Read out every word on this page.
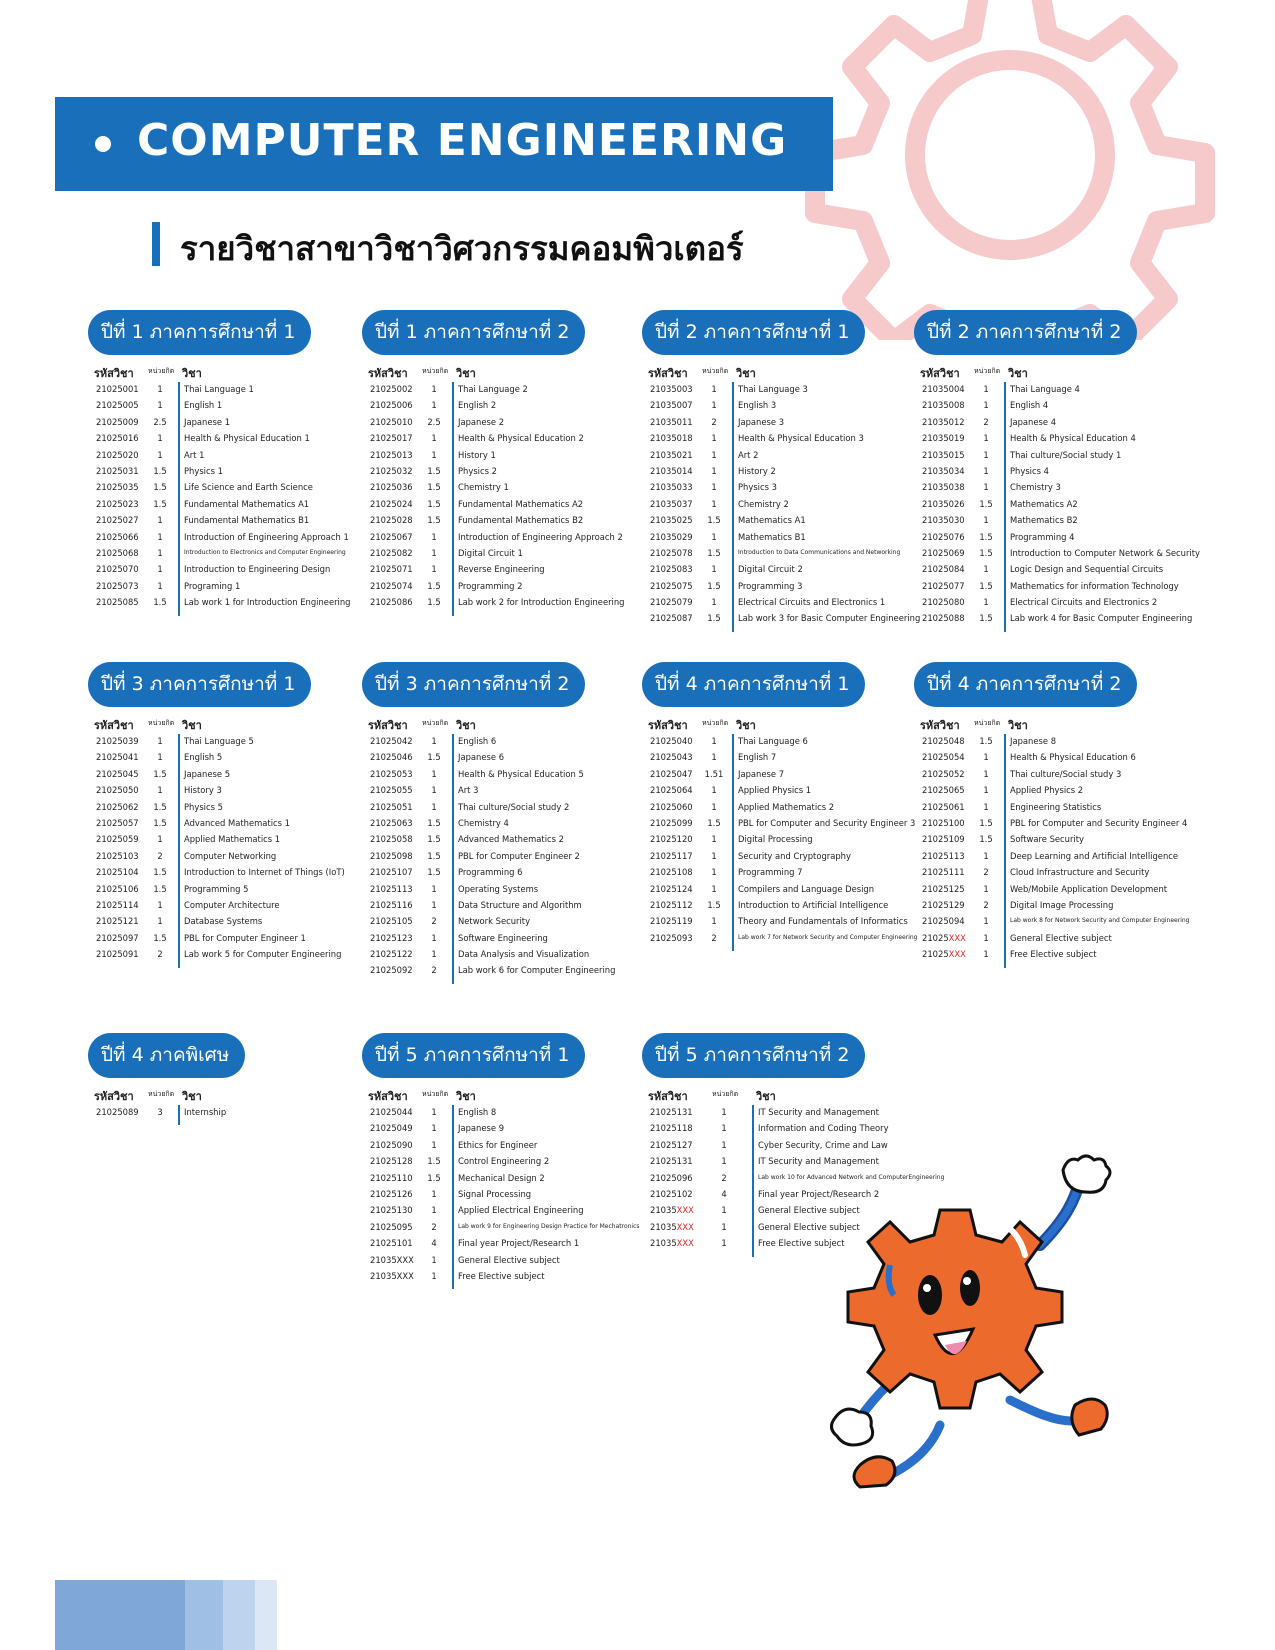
COMPUTER ENGINEERING
รายวิชาสาขาวิชาวิศวกรรมคอมพิวเตอร์
ปีที่ 1 ภาคการศึกษาที่ 1
รหัสวิชา หน่วยกิต วิชา
21025001	1	Thai Language 1
21025005	1	English 1
21025009	2.5	Japanese 1
21025016	1	Health & Physical Education 1
21025020	1	Art 1
21025031	1.5	Physics 1
21025035	1.5	Life Science and Earth Science
21025023	1.5	Fundamental Mathematics A1
21025027	1	Fundamental Mathematics B1
21025066	1	Introduction of Engineering Approach 1
21025068	1	Introduction to Electronics and Computer Engineering
21025070	1	Introduction to Engineering Design
21025073	1	Programing 1
21025085	1.5	Lab work 1 for Introduction Engineering
ปีที่ 1 ภาคการศึกษาที่ 2
รหัสวิชา หน่วยกิต วิชา
21025002	1	Thai Language 2
21025006	1	English 2
21025010	2.5	Japanese 2
21025017	1	Health & Physical Education 2
21025013	1	History 1
21025032	1.5	Physics 2
21025036	1.5	Chemistry 1
21025024	1.5	Fundamental Mathematics A2
21025028	1.5	Fundamental Mathematics B2
21025067	1	Introduction of Engineering Approach 2
21025082	1	Digital Circuit 1
21025071	1	Reverse Engineering
21025074	1.5	Programming 2
21025086	1.5	Lab work 2 for Introduction Engineering
ปีที่ 2 ภาคการศึกษาที่ 1
รหัสวิชา หน่วยกิต วิชา
21035003	1	Thai Language 3
21035007	1	English 3
21035011	2	Japanese 3
21035018	1	Health & Physical Education 3
21035021	1	Art 2
21035014	1	History 2
21035033	1	Physics 3
21035037	1	Chemistry 2
21035025	1.5	Mathematics A1
21035029	1	Mathematics B1
21025078	1.5	Introduction to Data Communications and Networking
21025083	1	Digital Circuit 2
21025075	1.5	Programming 3
21025079	1	Electrical Circuits and Electronics 1
21025087	1.5	Lab work 3 for Basic Computer Engineering
ปีที่ 2 ภาคการศึกษาที่ 2
รหัสวิชา หน่วยกิต วิชา
21035004	1	Thai Language 4
21035008	1	English 4
21035012	2	Japanese 4
21035019	1	Health & Physical Education 4
21035015	1	Thai culture/Social study 1
21035034	1	Physics 4
21035038	1	Chemistry 3
21035026	1.5	Mathematics A2
21035030	1	Mathematics B2
21025076	1.5	Programming 4
21025069	1.5	Introduction to Computer Network & Security
21025084	1	Logic Design and Sequential Circuits
21025077	1.5	Mathematics for information Technology
21025080	1	Electrical Circuits and Electronics 2
21025088	1.5	Lab work 4 for Basic Computer Engineering
ปีที่ 3 ภาคการศึกษาที่ 1
รหัสวิชา หน่วยกิต วิชา
21025039	1	Thai Language 5
21025041	1	English 5
21025045	1.5	Japanese 5
21025050	1	History 3
21025062	1.5	Physics 5
21025057	1.5	Advanced Mathematics 1
21025059	1	Applied Mathematics 1
21025103	2	Computer Networking
21025104	1.5	Introduction to Internet of Things (IoT)
21025106	1.5	Programming 5
21025114	1	Computer Architecture
21025121	1	Database Systems
21025097	1.5	PBL for Computer Engineer 1
21025091	2	Lab work 5 for Computer Engineering
ปีที่ 3 ภาคการศึกษาที่ 2
รหัสวิชา หน่วยกิต วิชา
21025042	1	English 6
21025046	1.5	Japanese 6
21025053	1	Health & Physical Education 5
21025055	1	Art 3
21025051	1	Thai culture/Social study 2
21025063	1.5	Chemistry 4
21025058	1.5	Advanced Mathematics 2
21025098	1.5	PBL for Computer Engineer 2
21025107	1.5	Programming 6
21025113	1	Operating Systems
21025116	1	Data Structure and Algorithm
21025105	2	Network Security
21025123	1	Software Engineering
21025122	1	Data Analysis and Visualization
21025092	2	Lab work 6 for Computer Engineering
ปีที่ 4 ภาคการศึกษาที่ 1
รหัสวิชา หน่วยกิต วิชา
21025040	1	Thai Language 6
21025043	1	English 7
21025047	1.51	Japanese 7
21025064	1	Applied Physics 1
21025060	1	Applied Mathematics 2
21025099	1.5	PBL for Computer and Security Engineer 3
21025120	1	Digital Processing
21025117	1	Security and Cryptography
21025108	1	Programming 7
21025124	1	Compilers and Language Design
21025112	1.5	Introduction to Artificial Intelligence
21025119	1	Theory and Fundamentals of Informatics
21025093	2	Lab work 7 for Network Security and Computer Engineering
ปีที่ 4 ภาคการศึกษาที่ 2
รหัสวิชา หน่วยกิต วิชา
21025048	1.5	Japanese 8
21025054	1	Health & Physical Education 6
21025052	1	Thai culture/Social study 3
21025065	1	Applied Physics 2
21025061	1	Engineering Statistics
21025100	1.5	PBL for Computer and Security Engineer 4
21025109	1.5	Software Security
21025113	1	Deep Learning and Artificial Intelligence
21025111	2	Cloud Infrastructure and Security
21025125	1	Web/Mobile Application Development
21025129	2	Digital Image Processing
21025094	1	Lab work 8 for Network Security and Computer Engineering
21025XXX	1	General Elective subject
21025XXX	1	Free Elective subject
ปีที่ 4 ภาคพิเศษ
รหัสวิชา หน่วยกิต วิชา
21025089	3	Internship
ปีที่ 5 ภาคการศึกษาที่ 1
รหัสวิชา หน่วยกิต วิชา
21025044	1	English 8
21025049	1	Japanese 9
21025090	1	Ethics for Engineer
21025128	1.5	Control Engineering 2
21025110	1.5	Mechanical Design 2
21025126	1	Signal Processing
21025130	1	Applied Electrical Engineering
21025095	2	Lab work 9 for Engineering Design Practice for Mechatronics
21025101	4	Final year Project/Research 1
21035XXX	1	General Elective subject
21035XXX	1	Free Elective subject
ปีที่ 5 ภาคการศึกษาที่ 2
รหัสวิชา	หน่วยกิต วิชา
21025131	1	IT Security and Management
21025118	1	Information and Coding Theory
21025127	1	Cyber Security, Crime and Law
21025131	1	IT Security and Management
21025096	2	Lab work 10 for Advanced Network and ComputerEngineering
21025102	4	Final year Project/Research 2
21035XXX	1	General Elective subject
21035XXX	1	General Elective subject
21035XXX	1	Free Elective subject
